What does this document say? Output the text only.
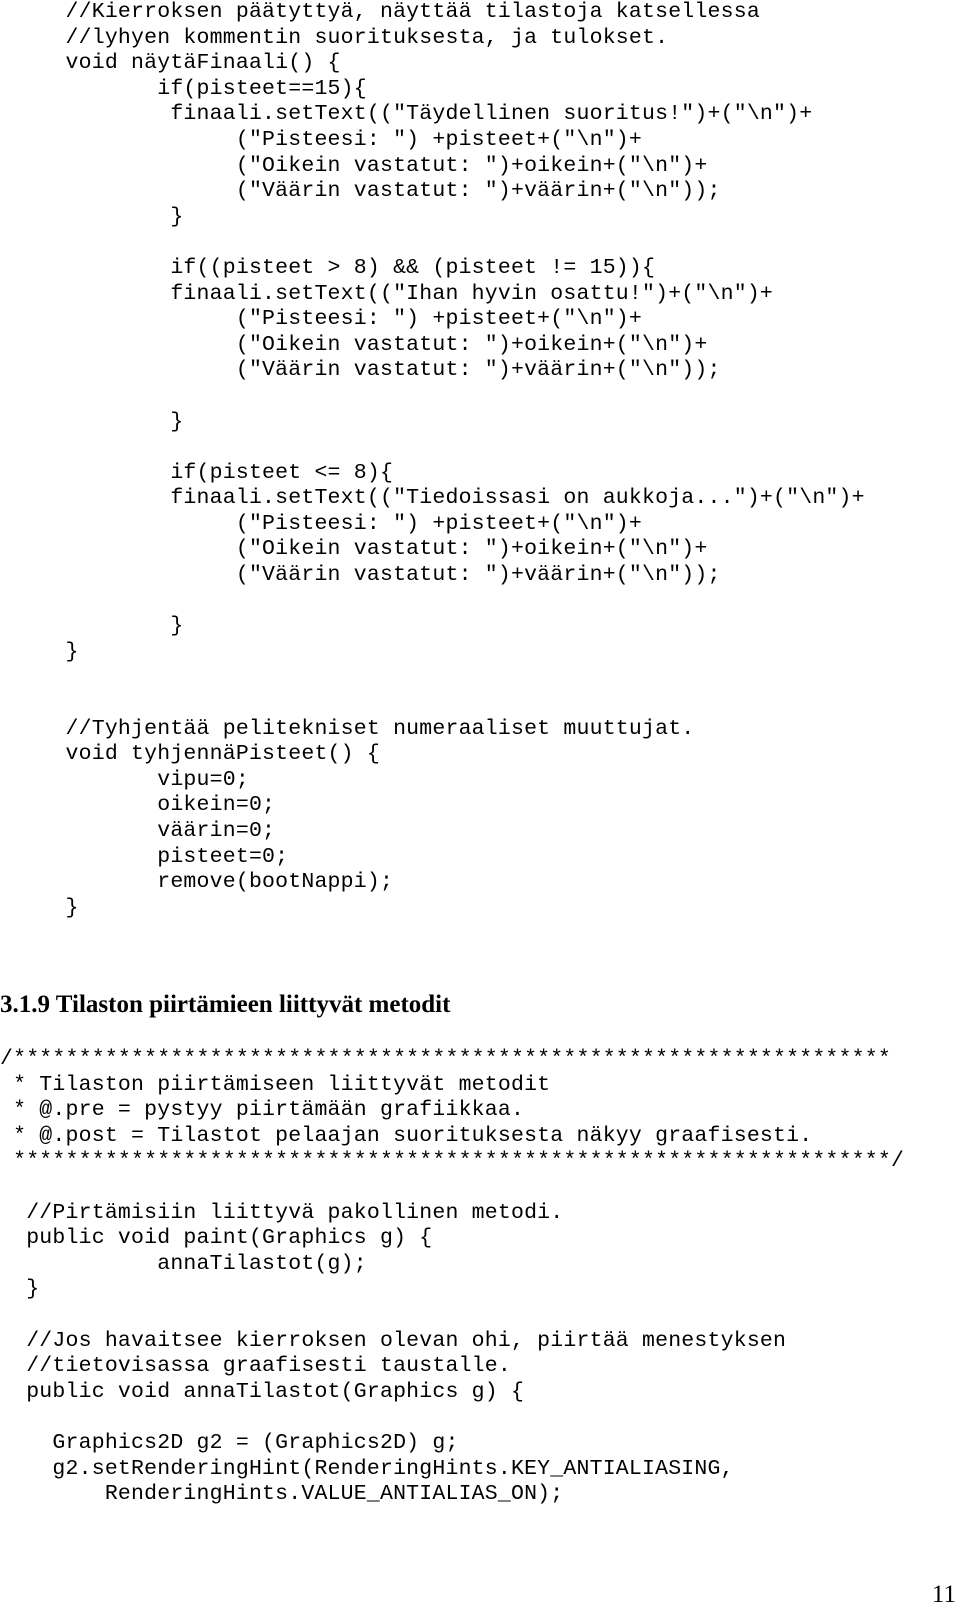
//Kierroksen päätyttyä, näyttää tilastoja katsellessa
//lyhyen kommentin suorituksesta, ja tulokset.
void näytäFinaali() {
if(pisteet==15){
finaali.setText(("Täydellinen suoritus!")+("\n")+
("Pisteesi: ") +pisteet+("\n")+
("Oikein vastatut: ")+oikein+("\n")+
("Väärin vastatut: ")+väärin+("\n"));
}

if((pisteet > 8) && (pisteet != 15)){
finaali.setText(("Ihan hyvin osattu!")+("\n")+
("Pisteesi: ") +pisteet+("\n")+
("Oikein vastatut: ")+oikein+("\n")+
("Väärin vastatut: ")+väärin+("\n"));

}

if(pisteet <= 8){
finaali.setText(("Tiedoissasi on aukkoja...")+("\n")+
("Pisteesi: ") +pisteet+("\n")+
("Oikein vastatut: ")+oikein+("\n")+
("Väärin vastatut: ")+väärin+("\n"));

}
}

//Tyhjentää pelitekniset numeraaliset muuttujat.
void tyhjennäPisteet() {
vipu=0;
oikein=0;
väärin=0;
pisteet=0;
remove(bootNappi);
}
3.1.9 Tilaston piirtämieen liittyvät metodit
/*******************************************************************
* Tilaston piirtämiseen liittyvät metodit
* @.pre = pystyy piirtämään grafiikkaa.
* @.post = Tilastot pelaajan suorituksesta näkyy graafisesti.
*******************************************************************/

//Pirtämisiin liittyvä pakollinen metodi.
public void paint(Graphics g) {
annaTilastot(g);
}

//Jos havaitsee kierroksen olevan ohi, piirtää menestyksen
//tietovisassa graafisesti taustalle.
public void annaTilastot(Graphics g) {

Graphics2D g2 = (Graphics2D) g;
g2.setRenderingHint(RenderingHints.KEY_ANTIALIASING,
RenderingHints.VALUE_ANTIALIAS_ON);
11
